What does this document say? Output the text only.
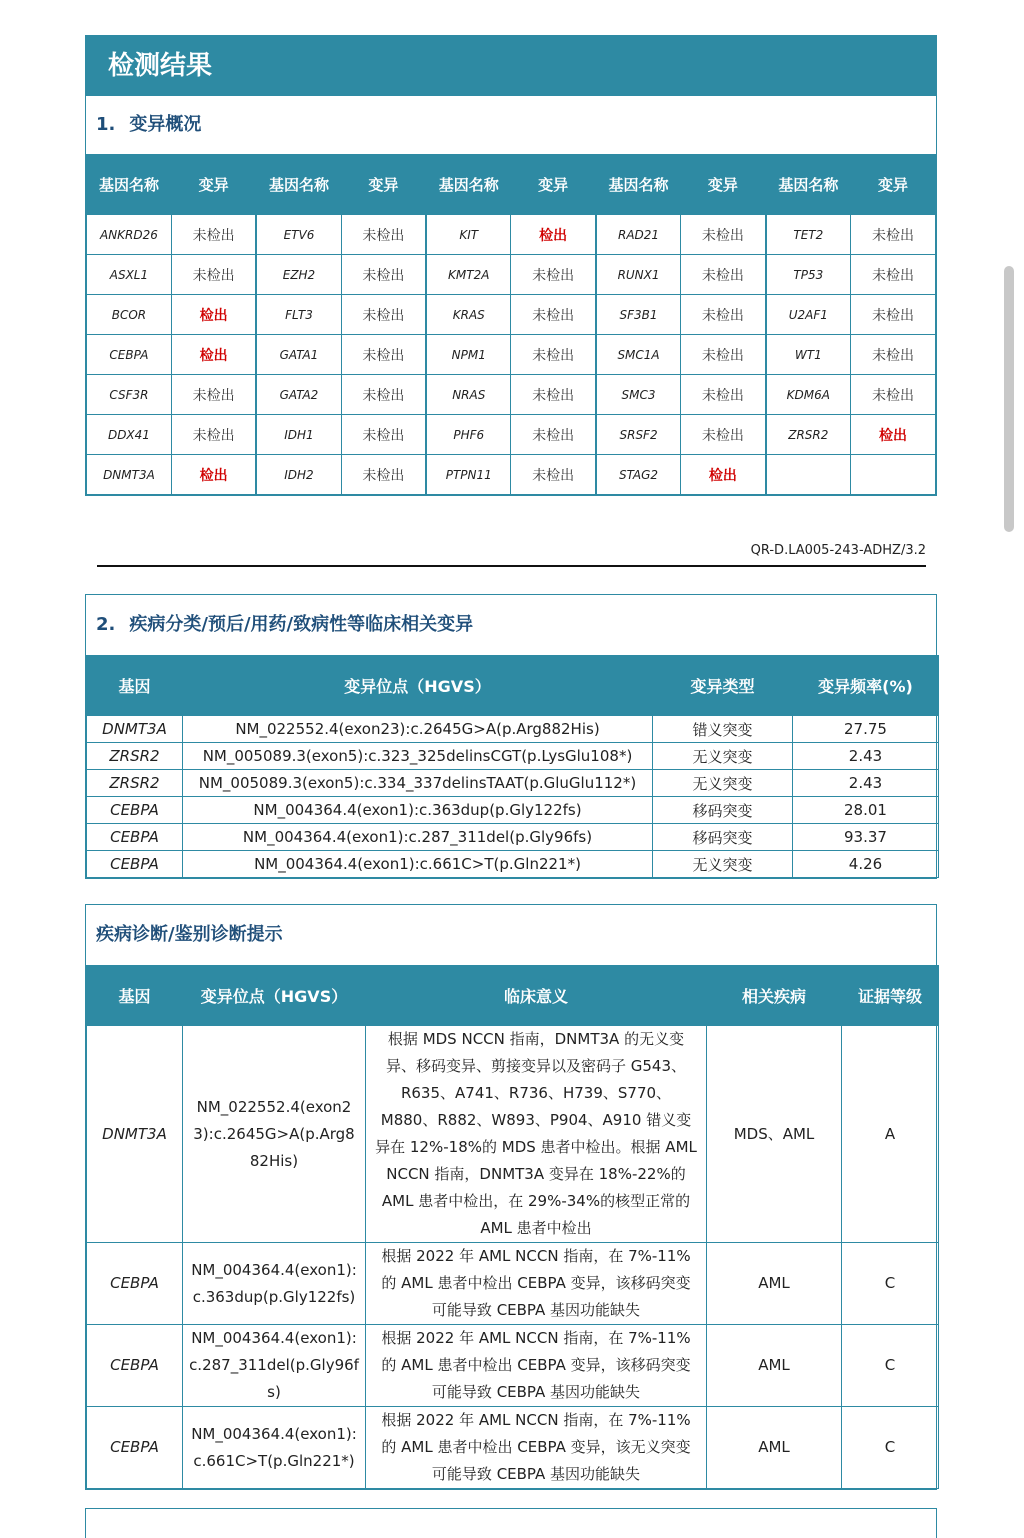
检测结果
1. 变异概况
基因名称	变异	基因名称	变异	基因名称	变异	基因名称	变异	基因名称	变异
ANKRD26	未检出	ETV6	未检出	KIT	检出	RAD21	未检出	TET2	未检出
ASXL1	未检出	EZH2	未检出	KMT2A	未检出	RUNX1	未检出	TP53	未检出
BCOR	检出	FLT3	未检出	KRAS	未检出	SF3B1	未检出	U2AF1	未检出
CEBPA	检出	GATA1	未检出	NPM1	未检出	SMC1A	未检出	WT1	未检出
CSF3R	未检出	GATA2	未检出	NRAS	未检出	SMC3	未检出	KDM6A	未检出
DDX41	未检出	IDH1	未检出	PHF6	未检出	SRSF2	未检出	ZRSR2	检出
DNMT3A	检出	IDH2	未检出	PTPN11	未检出	STAG2	检出		
QR-D.LA005-243-ADHZ/3.2
2. 疾病分类/预后/用药/致病性等临床相关变异
基因	变异位点（HGVS）	变异类型	变异频率(%)
DNMT3A	NM_022552.4(exon23):c.2645G>A(p.Arg882His)	错义突变	27.75
ZRSR2	NM_005089.3(exon5):c.323_325delinsCGT(p.LysGlu108*)	无义突变	2.43
ZRSR2	NM_005089.3(exon5):c.334_337delinsTAAT(p.GluGlu112*)	无义突变	2.43
CEBPA	NM_004364.4(exon1):c.363dup(p.Gly122fs)	移码突变	28.01
CEBPA	NM_004364.4(exon1):c.287_311del(p.Gly96fs)	移码突变	93.37
CEBPA	NM_004364.4(exon1):c.661C>T(p.Gln221*)	无义突变	4.26
疾病诊断/鉴别诊断提示
基因	变异位点（HGVS）	临床意义	相关疾病	证据等级
DNMT3A	NM_022552.4(exon23):c.2645G>A(p.Arg882His)	根据 MDS NCCN 指南，DNMT3A 的无义变异、移码变异、剪接变异以及密码子 G543、R635、A741、R736、H739、S770、M880、R882、W893、P904、A910 错义变异在 12%-18%的 MDS 患者中检出。根据 AML NCCN 指南，DNMT3A 变异在 18%-22%的 AML 患者中检出，在 29%-34%的核型正常的 AML 患者中检出	MDS、AML	A
CEBPA	NM_004364.4(exon1):c.363dup(p.Gly122fs)	根据 2022 年 AML NCCN 指南，在 7%-11%的 AML 患者中检出 CEBPA 变异，该移码突变可能导致 CEBPA 基因功能缺失	AML	C
CEBPA	NM_004364.4(exon1):c.287_311del(p.Gly96fs)	根据 2022 年 AML NCCN 指南，在 7%-11%的 AML 患者中检出 CEBPA 变异，该移码突变可能导致 CEBPA 基因功能缺失	AML	C
CEBPA	NM_004364.4(exon1):c.661C>T(p.Gln221*)	根据 2022 年 AML NCCN 指南，在 7%-11%的 AML 患者中检出 CEBPA 变异，该无义突变可能导致 CEBPA 基因功能缺失	AML	C
